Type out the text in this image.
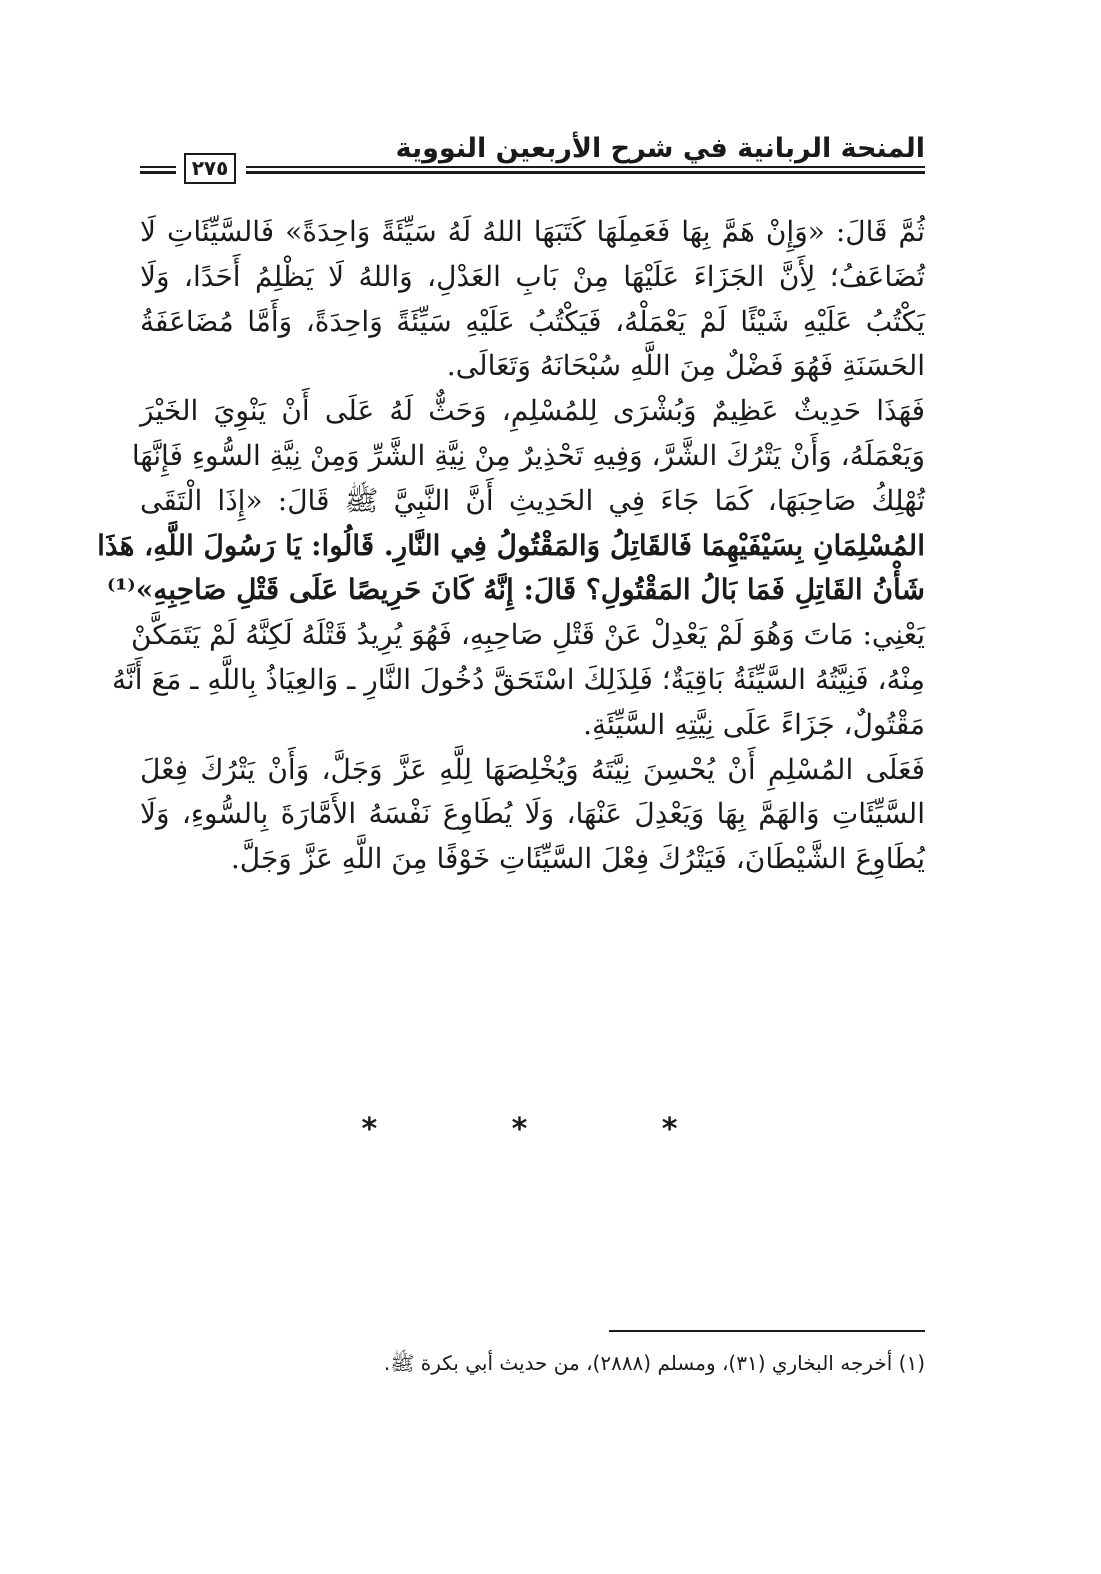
المنحة الربانية في شرح الأربعين النووية
٢٧٥
ثُمَّ قَالَ: «وَإِنْ هَمَّ بِهَا فَعَمِلَهَا كَتَبَهَا اللهُ لَهُ سَيِّئَةً وَاحِدَةً» فَالسَّيِّئَاتِ لَا
تُضَاعَفُ؛ لِأَنَّ الجَزَاءَ عَلَيْهَا مِنْ بَابِ العَدْلِ، وَاللهُ لَا يَظْلِمُ أَحَدًا، وَلَا
يَكْتُبُ عَلَيْهِ شَيْئًا لَمْ يَعْمَلْهُ، فَيَكْتُبُ عَلَيْهِ سَيِّئَةً وَاحِدَةً، وَأَمَّا مُضَاعَفَةُ
الحَسَنَةِ فَهُوَ فَضْلٌ مِنَ اللَّهِ سُبْحَانَهُ وَتَعَالَى.
فَهَذَا حَدِيثٌ عَظِيمٌ وَبُشْرَى لِلمُسْلِمِ، وَحَثٌّ لَهُ عَلَى أَنْ يَنْوِيَ الخَيْرَ
وَيَعْمَلَهُ، وَأَنْ يَتْرُكَ الشَّرَّ، وَفِيهِ تَحْذِيرٌ مِنْ نِيَّةِ الشَّرِّ وَمِنْ نِيَّةِ السُّوءِ فَإِنَّهَا
تُهْلِكُ صَاحِبَهَا، كَمَا جَاءَ فِي الحَدِيثِ أَنَّ النَّبِيَّ ﷺ قَالَ: «إِذَا الْتَقَى
المُسْلِمَانِ بِسَيْفَيْهِمَا فَالقَاتِلُ وَالمَقْتُولُ فِي النَّارِ. قَالُوا: يَا رَسُولَ اللَّهِ، هَذَا
شَأْنُ القَاتِلِ فَمَا بَالُ المَقْتُولِ؟ قَالَ: إِنَّهُ كَانَ حَرِيصًا عَلَى قَتْلِ صَاحِبِهِ»⁽¹⁾
يَعْنِي: مَاتَ وَهُوَ لَمْ يَعْدِلْ عَنْ قَتْلِ صَاحِبِهِ، فَهُوَ يُرِيدُ قَتْلَهُ لَكِنَّهُ لَمْ يَتَمَكَّنْ
مِنْهُ، فَنِيَّتُهُ السَّيِّئَةُ بَاقِيَةٌ؛ فَلِذَلِكَ اسْتَحَقَّ دُخُولَ النَّارِ ـ وَالعِيَاذُ بِاللَّهِ ـ مَعَ أَنَّهُ
مَقْتُولٌ، جَزَاءً عَلَى نِيَّتِهِ السَّيِّئَةِ.
فَعَلَى المُسْلِمِ أَنْ يُحْسِنَ نِيَّتَهُ وَيُخْلِصَهَا لِلَّهِ عَزَّ وَجَلَّ، وَأَنْ يَتْرُكَ فِعْلَ
السَّيِّئَاتِ وَالهَمَّ بِهَا وَيَعْدِلَ عَنْهَا، وَلَا يُطَاوِعَ نَفْسَهُ الأَمَّارَةَ بِالسُّوءِ، وَلَا
يُطَاوِعَ الشَّيْطَانَ، فَيَتْرُكَ فِعْلَ السَّيِّئَاتِ خَوْفًا مِنَ اللَّهِ عَزَّ وَجَلَّ.
* * *
(١) أخرجه البخاري (٣١)، ومسلم (٢٨٨٨)، من حديث أبي بكرة ﷺ.
